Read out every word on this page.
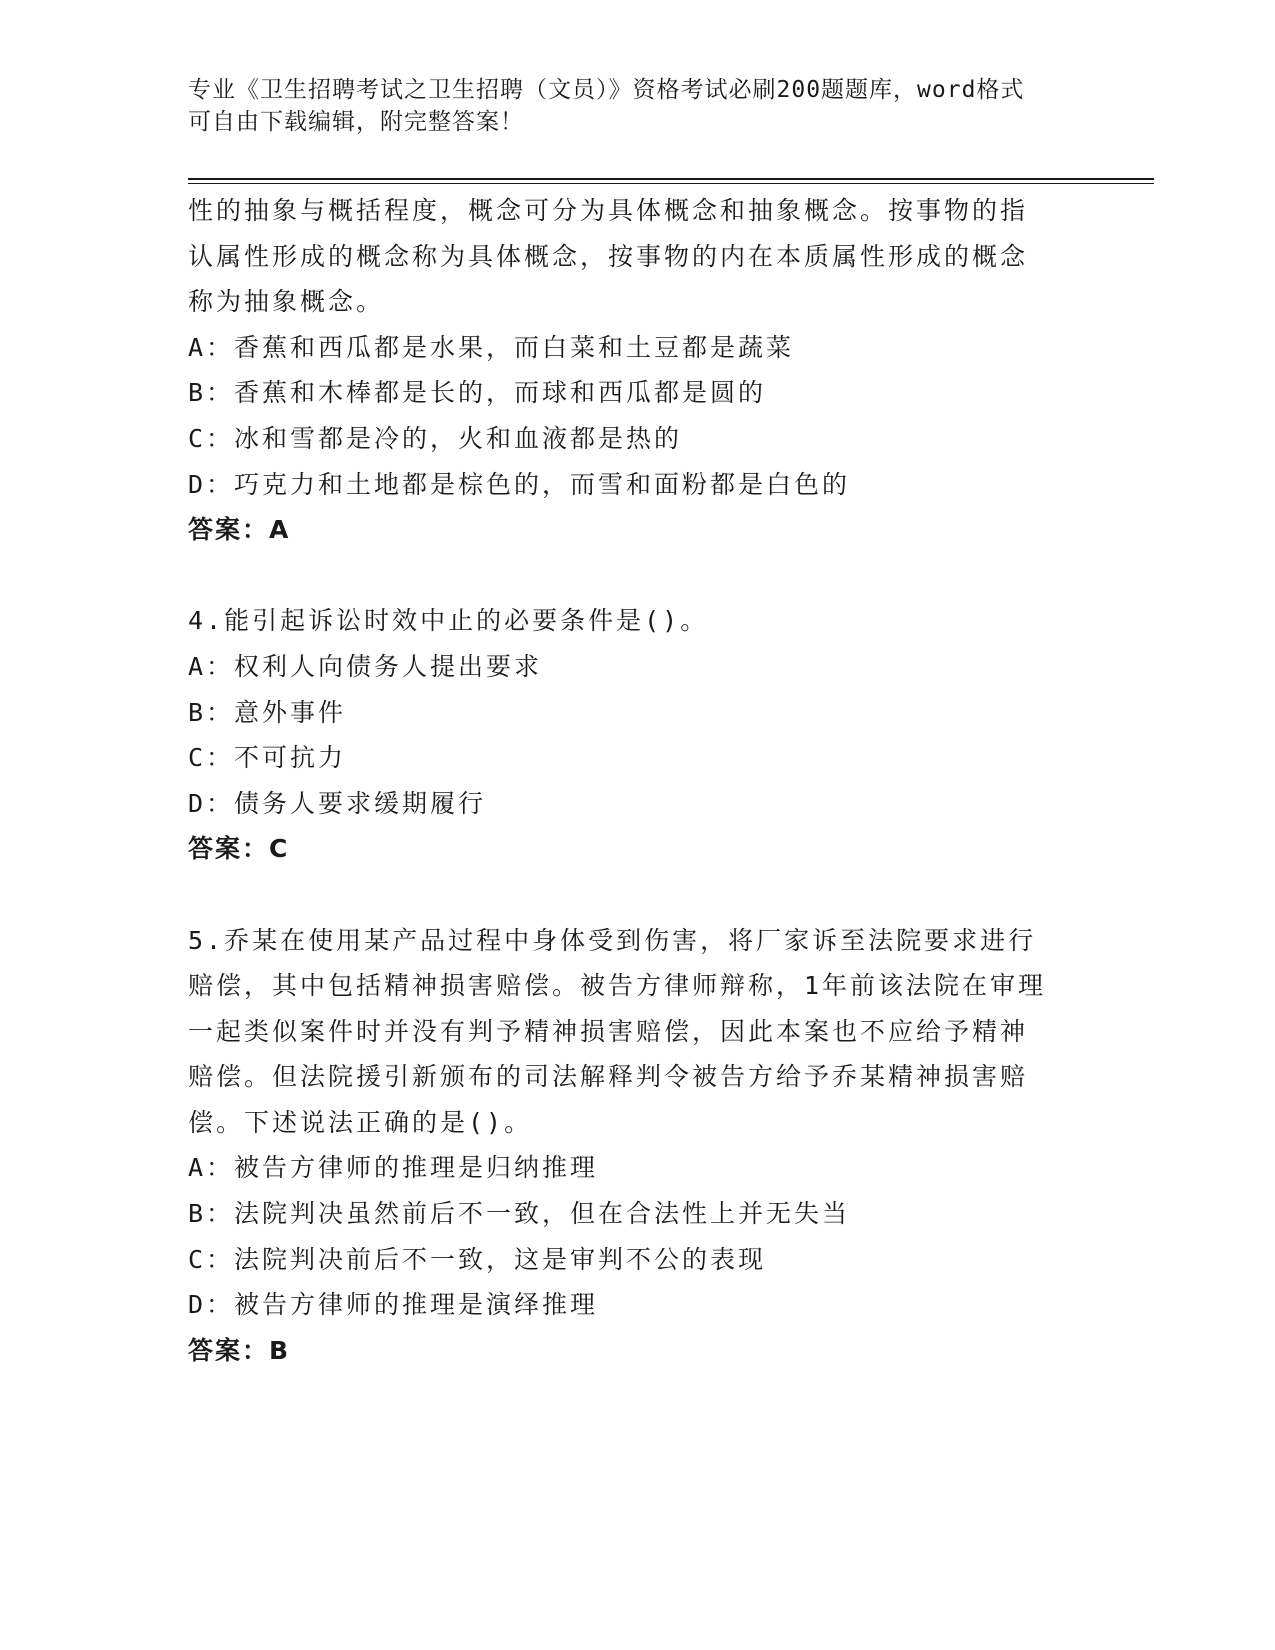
专业《卫生招聘考试之卫生招聘（文员）》资格考试必刷200题题库，word格式
可自由下载编辑，附完整答案！
性的抽象与概括程度，概念可分为具体概念和抽象概念。按事物的指
认属性形成的概念称为具体概念，按事物的内在本质属性形成的概念
称为抽象概念。
A：香蕉和西瓜都是水果，而白菜和土豆都是蔬菜
B：香蕉和木棒都是长的，而球和西瓜都是圆的
C：冰和雪都是冷的，火和血液都是热的
D：巧克力和土地都是棕色的，而雪和面粉都是白色的
答案：A
4.能引起诉讼时效中止的必要条件是()。
A：权利人向债务人提出要求
B：意外事件
C：不可抗力
D：债务人要求缓期履行
答案：C
5.乔某在使用某产品过程中身体受到伤害，将厂家诉至法院要求进行
赔偿，其中包括精神损害赔偿。被告方律师辩称，1年前该法院在审理
一起类似案件时并没有判予精神损害赔偿，因此本案也不应给予精神
赔偿。但法院援引新颁布的司法解释判令被告方给予乔某精神损害赔
偿。下述说法正确的是()。
A：被告方律师的推理是归纳推理
B：法院判决虽然前后不一致，但在合法性上并无失当
C：法院判决前后不一致，这是审判不公的表现
D：被告方律师的推理是演绎推理
答案：B
